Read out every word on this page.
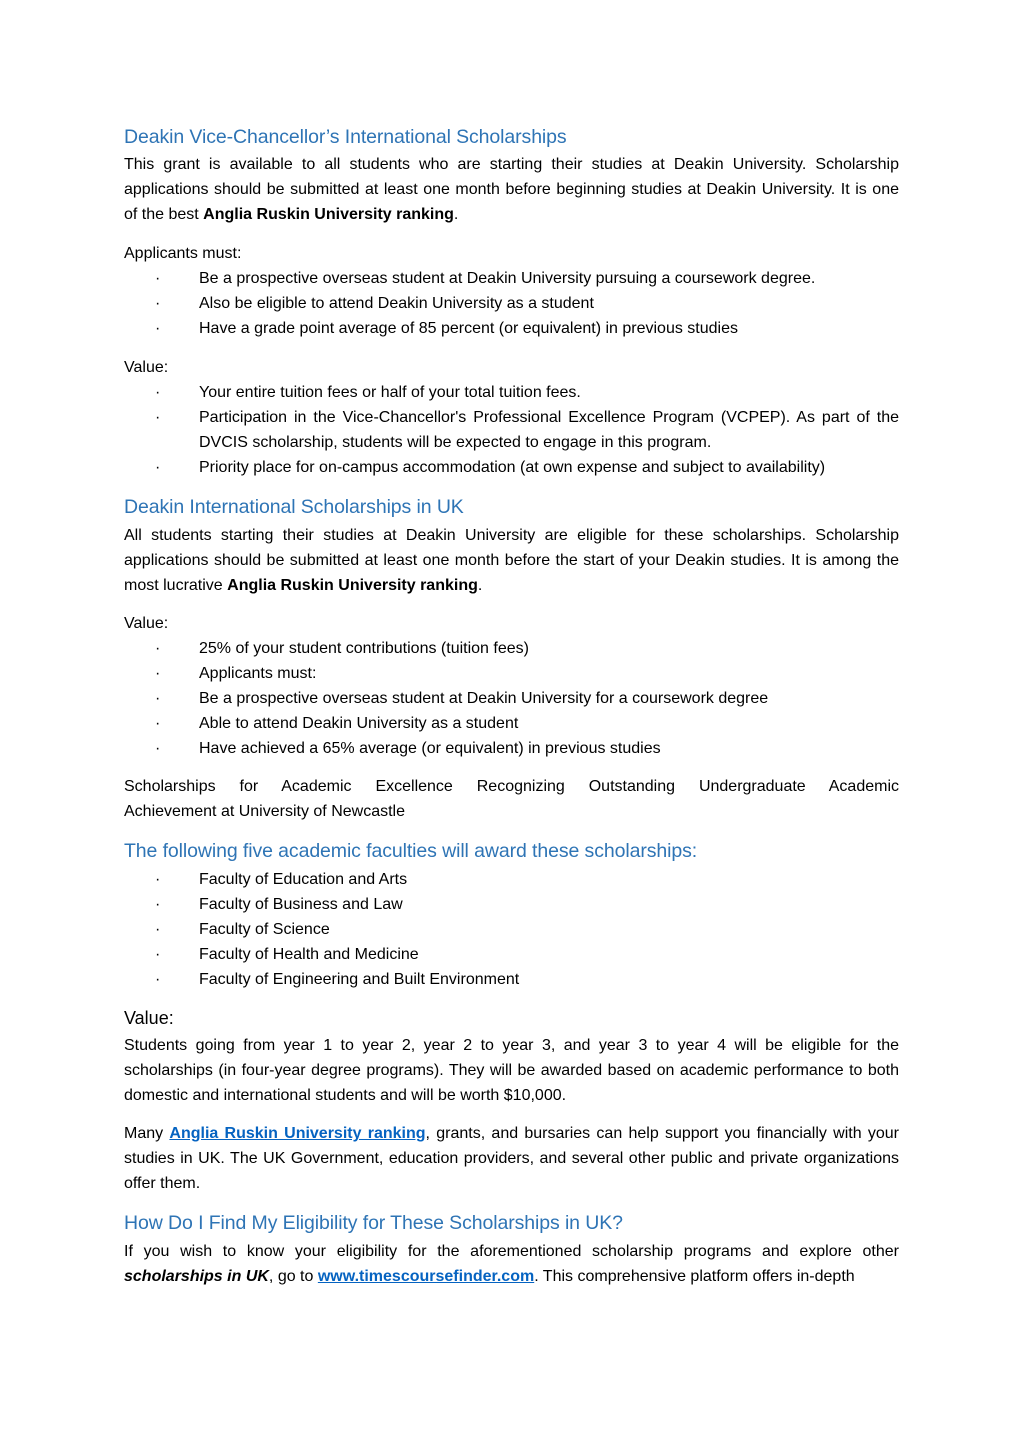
Deakin Vice-Chancellor’s International Scholarships

This grant is available to all students who are starting their studies at Deakin University. Scholarship applications should be submitted at least one month before beginning studies at Deakin University. It is one of the best Anglia Ruskin University ranking.

Applicants must:
· Be a prospective overseas student at Deakin University pursuing a coursework degree.
· Also be eligible to attend Deakin University as a student
· Have a grade point average of 85 percent (or equivalent) in previous studies
Value:
· Your entire tuition fees or half of your total tuition fees.
· Participation in the Vice-Chancellor's Professional Excellence Program (VCPEP). As part of the DVCIS scholarship, students will be expected to engage in this program.
· Priority place for on-campus accommodation (at own expense and subject to availability)
Deakin International Scholarships in UK

All students starting their studies at Deakin University are eligible for these scholarships. Scholarship applications should be submitted at least one month before the start of your Deakin studies. It is among the most lucrative Anglia Ruskin University ranking.

Value:
· 25% of your student contributions (tuition fees)
· Applicants must:
· Be a prospective overseas student at Deakin University for a coursework degree
· Able to attend Deakin University as a student
· Have achieved a 65% average (or equivalent) in previous studies

Scholarships for Academic Excellence Recognizing Outstanding Undergraduate Academic

Achievement at University of Newcastle

The following five academic faculties will award these scholarships:
· Faculty of Education and Arts
· Faculty of Business and Law
· Faculty of Science
· Faculty of Health and Medicine
· Faculty of Engineering and Built Environment
Value:

Students going from year 1 to year 2, year 2 to year 3, and year 3 to year 4 will be eligible for the scholarships (in four-year degree programs). They will be awarded based on academic performance to both domestic and international students and will be worth $10,000.

Many Anglia Ruskin University ranking, grants, and bursaries can help support you financially with your studies in UK. The UK Government, education providers, and several other public and private organizations offer them.

How Do I Find My Eligibility for These Scholarships in UK?

If you wish to know your eligibility for the aforementioned scholarship programs and explore other scholarships in UK, go to www.timescoursefinder.com. This comprehensive platform offers in-depth
